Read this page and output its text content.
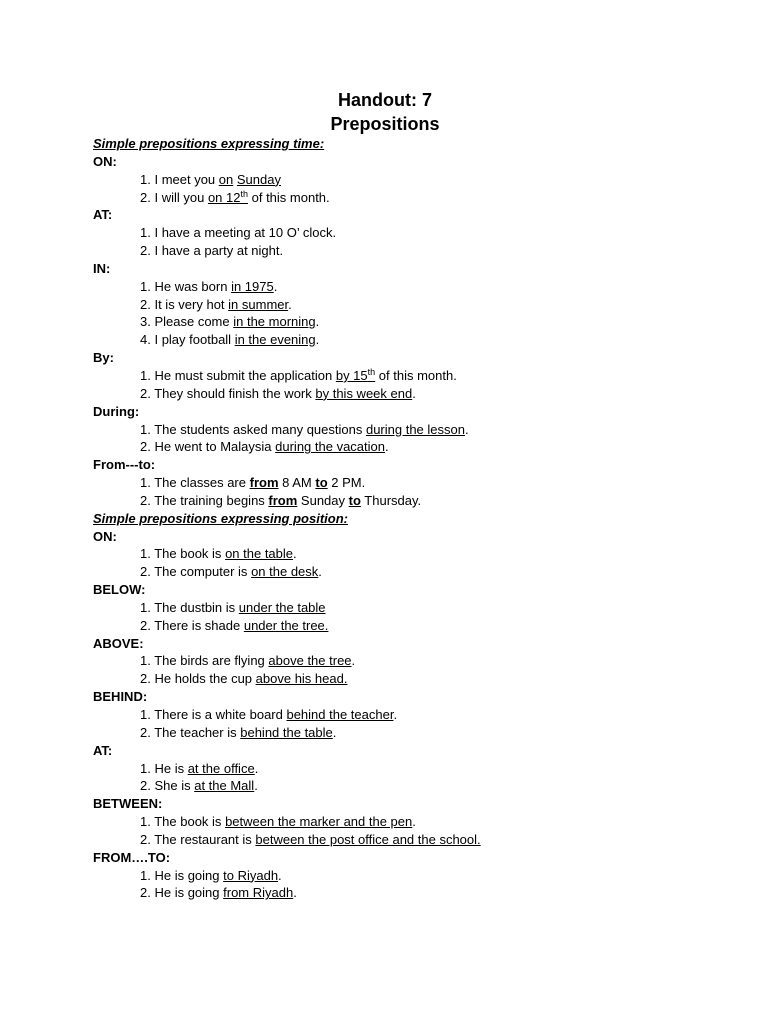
Handout: 7
Prepositions
Simple prepositions expressing time:
ON:
1. I meet you on Sunday
2. I will you on 12th of this month.
AT:
1. I have a meeting at 10 O’ clock.
2. I have a party at night.
IN:
1. He was born in 1975.
2. It is very hot in summer.
3. Please come in the morning.
4. I play football in the evening.
By:
1. He must submit the application by 15th of this month.
2. They should finish the work by this week end.
During:
1. The students asked many questions during the lesson.
2. He went to Malaysia during the vacation.
From---to:
1. The classes are from 8 AM to 2 PM.
2. The training begins from Sunday to Thursday.
Simple prepositions expressing position:
ON:
1. The book is on the table.
2. The computer is on the desk.
BELOW:
1. The dustbin is under the table
2. There is shade under the tree.
ABOVE:
1. The birds are flying above the tree.
2. He holds the cup above his head.
BEHIND:
1. There is a white board behind the teacher.
2. The teacher is behind the table.
AT:
1. He is at the office.
2. She is at the Mall.
BETWEEN:
1. The book is between the marker and the pen.
2. The restaurant is between the post office and the school.
FROM….TO:
1. He is going to Riyadh.
2. He is going from Riyadh.
